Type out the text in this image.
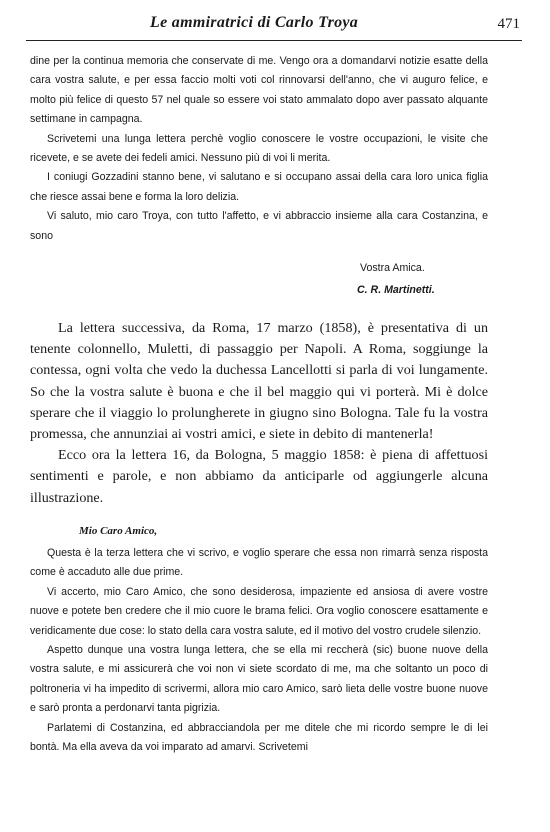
Le ammiratrici di Carlo Troya	471

dine per la continua memoria che conservate di me. Vengo ora a domandarvi notizie esatte della cara vostra salute, e per essa faccio molti voti col rinnovarsi dell'anno, che vi auguro felice, e molto più felice di questo 57 nel quale so essere voi stato ammalato dopo aver passato alquante settimane in campagna.

Scrivetemi una lunga lettera perchè voglio conoscere le vostre occupazioni, le visite che ricevete, e se avete dei fedeli amici. Nessuno più di voi li merita.

I coniugi Gozzadini stanno bene, vi salutano e si occupano assai della cara loro unica figlia che riesce assai bene e forma la loro delizia.

Vi saluto, mio caro Troya, con tutto l'affetto, e vi abbraccio insieme alla cara Costanzina, e sono

Vostra Amica.
C. R. Martinetti.

La lettera successiva, da Roma, 17 marzo (1858), è presentativa di un tenente colonnello, Muletti, di passaggio per Napoli. A Roma, soggiunge la contessa, ogni volta che vedo la duchessa Lancellotti si parla di voi lungamente. So che la vostra salute è buona e che il bel maggio qui vi porterà. Mi è dolce sperare che il viaggio lo prolungherete in giugno sino Bologna. Tale fu la vostra promessa, che annunziai ai vostri amici, e siete in debito di mantenerla!

Ecco ora la lettera 16, da Bologna, 5 maggio 1858: è piena di affettuosi sentimenti e parole, e non abbiamo da anticiparle od aggiungerle alcuna illustrazione.

Mio Caro Amico,

Questa è la terza lettera che vi scrivo, e voglio sperare che essa non rimarrà senza risposta come è accaduto alle due prime.

Vi accerto, mio Caro Amico, che sono desiderosa, impaziente ed ansiosa di avere vostre nuove e potete ben credere che il mio cuore le brama felici. Ora voglio conoscere esattamente e veridicamente due cose: lo stato della cara vostra salute, ed il motivo del vostro crudele silenzio.

Aspetto dunque una vostra lunga lettera, che se ella mi reccherà (sic) buone nuove della vostra salute, e mi assicurerà che voi non vi siete scordato di me, ma che soltanto un poco di poltroneria vi ha impedito di scrivermi, allora mio caro Amico, sarò lieta delle vostre buone nuove e sarò pronta a perdonarvi tanta pigrizia.

Parlatemi di Costanzina, ed abbracciandola per me ditele che mi ricordo sempre le di lei bontà. Ma ella aveva da voi imparato ad amarvi. Scrivetemi
